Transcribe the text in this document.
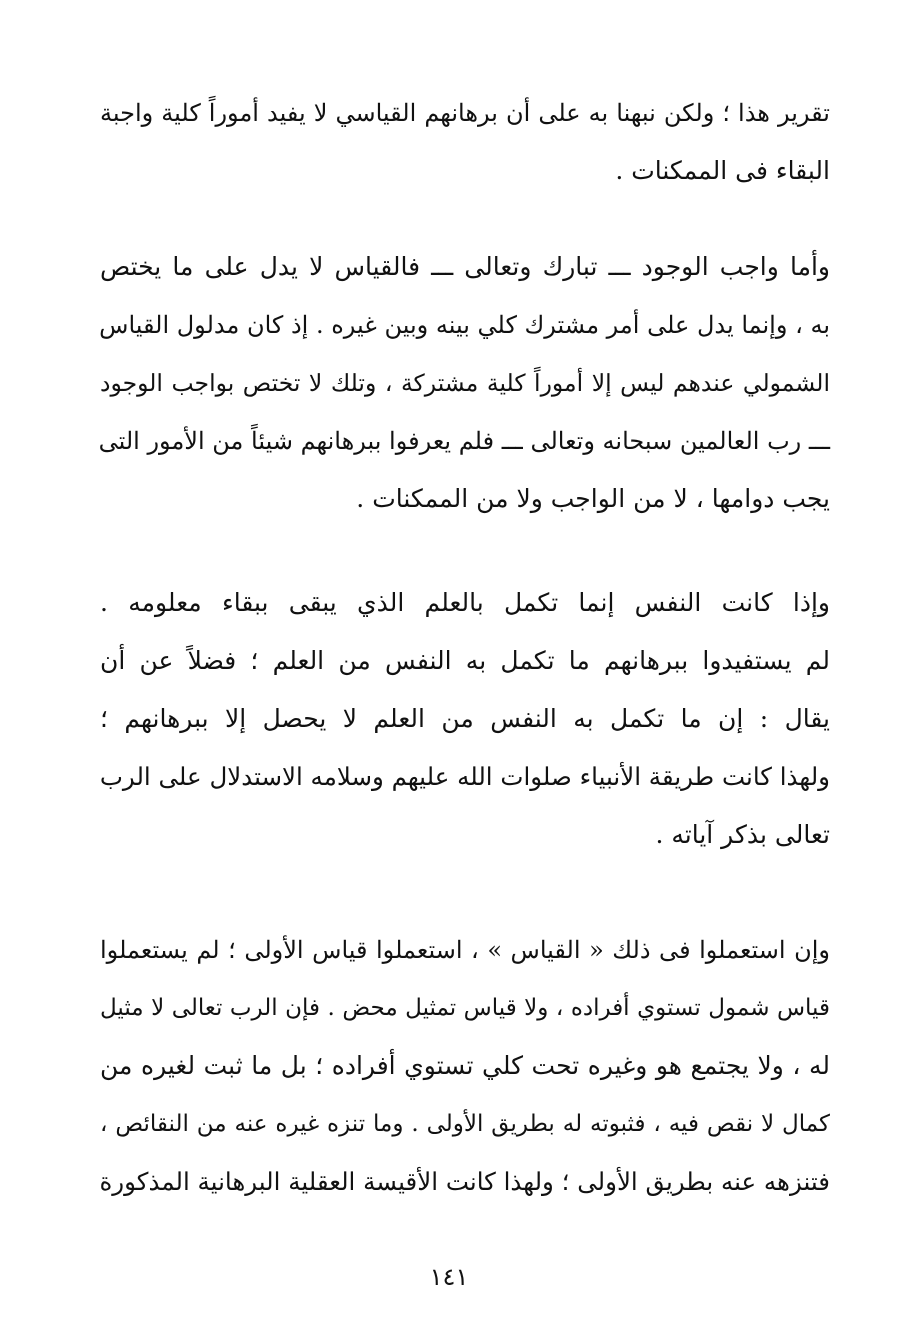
تقرير هذا ؛ ولكن نبهنا به على أن برهانهم القياسي لا يفيد أموراً كلية واجبة
البقاء فى الممكنات .
وأما واجب الوجود ـــ تبارك وتعالى ـــ فالقياس لا يدل على ما يختص
به ، وإنما يدل على أمر مشترك كلي بينه وبين غيره . إذ كان مدلول القياس
الشمولي عندهم ليس إلا أموراً كلية مشتركة ، وتلك لا تختص بواجب الوجود
ـــ رب العالمين سبحانه وتعالى ـــ فلم يعرفوا ببرهانهم شيئاً من الأمور التى
يجب دوامها ، لا من الواجب ولا من الممكنات .
وإذا كانت النفس إنما تكمل بالعلم الذي يبقى ببقاء معلومه .
لم يستفيدوا ببرهانهم ما تكمل به النفس من العلم ؛ فضلاً عن أن
يقال : إن ما تكمل به النفس من العلم لا يحصل إلا ببرهانهم ؛
ولهذا كانت طريقة الأنبياء صلوات الله عليهم وسلامه الاستدلال على الرب
تعالى بذكر آياته .
وإن استعملوا فى ذلك « القياس » ، استعملوا قياس الأولى ؛ لم يستعملوا
قياس شمول تستوي أفراده ، ولا قياس تمثيل محض . فإن الرب تعالى لا مثيل
له ، ولا يجتمع هو وغيره تحت كلي تستوي أفراده ؛ بل ما ثبت لغيره من
كمال لا نقص فيه ، فثبوته له بطريق الأولى . وما تنزه غيره عنه من النقائص ،
فتنزهه عنه بطريق الأولى ؛ ولهذا كانت الأقيسة العقلية البرهانية المذكورة
١٤١
